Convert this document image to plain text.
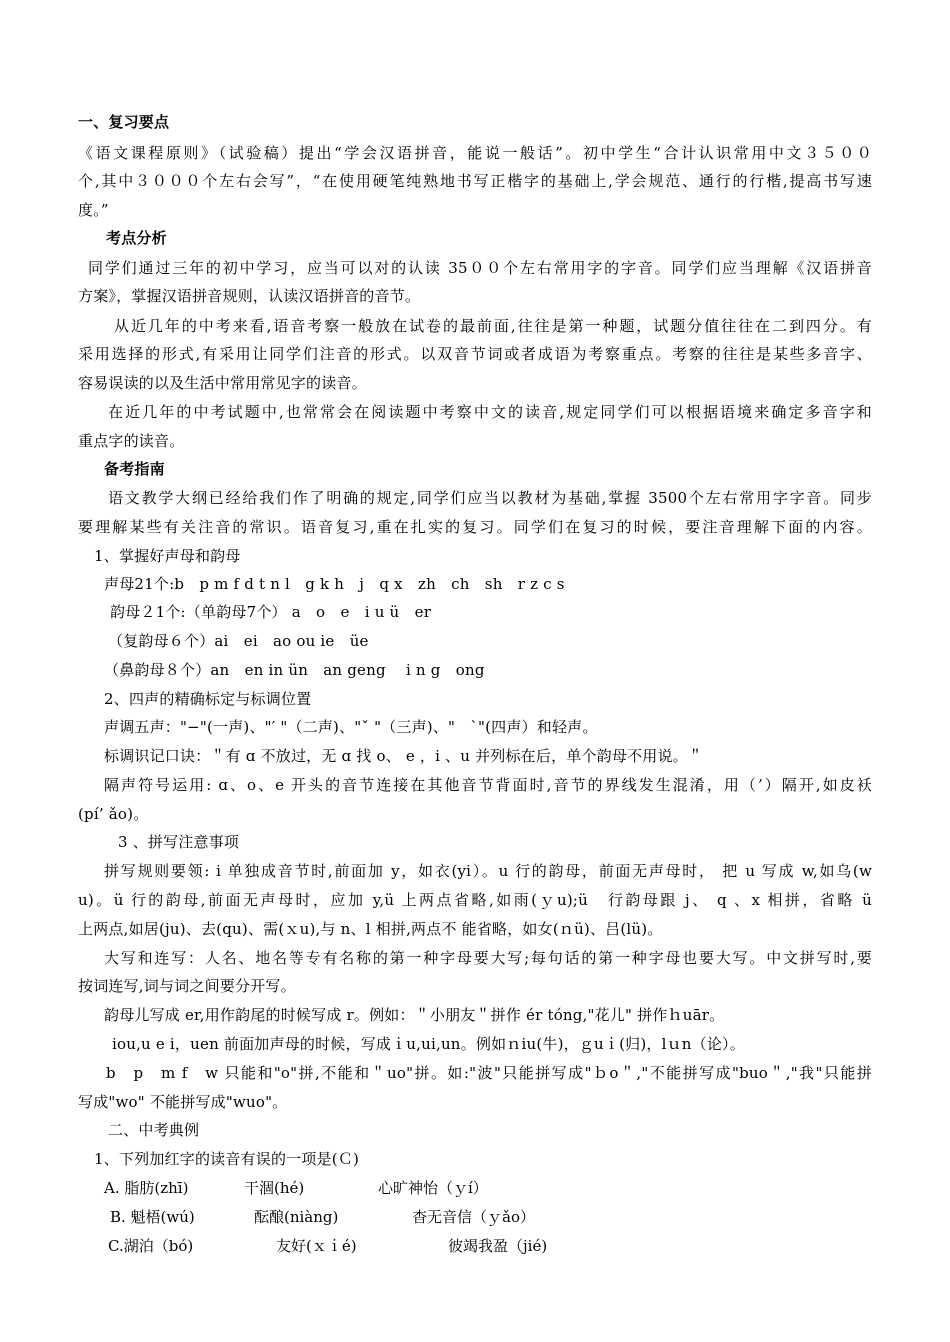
一、复习要点
《语文课程原则》（试验稿）提出“学会汉语拼音，能说一般话”。初中学生“合计认识常用中文３５００
个,其中３０００个左右会写”，“在使用硬笔纯熟地书写正楷字的基础上,学会规范、通行的行楷,提高书写速
度。”
考点分析
同学们通过三年的初中学习，应当可以对的认读 35００个左右常用字的字音。同学们应当理解《汉语拼音
方案》，掌握汉语拼音规则，认读汉语拼音的音节。
从近几年的中考来看,语音考察一般放在试卷的最前面,往往是第一种题，试题分值往往在二到四分。有
采用选择的形式,有采用让同学们注音的形式。以双音节词或者成语为考察重点。考察的往往是某些多音字、
容易误读的以及生活中常用常见字的读音。
在近几年的中考试题中,也常常会在阅读题中考察中文的读音,规定同学们可以根据语境来确定多音字和
重点字的读音。
备考指南
语文教学大纲已经给我们作了明确的规定,同学们应当以教材为基础,掌握 3500个左右常用字字音。同步
要理解某些有关注音的常识。语音复习,重在扎实的复习。同学们在复习的时候，要注音理解下面的内容。
1、掌握好声母和韵母
声母21个:b　p m f d t n l　g k h　j　q x　zh　ch　sh　r z c s
韵母２1个:（单韵母7个） a　o　e　i u ü　er
（复韵母６个）ai　ei　ao ou ie　üe
（鼻韵母８个）an　en in ün　an geng　 i n g　ong
2、四声的精确标定与标调位置
声调五声："−"(一声)、"′ "（二声)、"ˇ "（三声)、"　ˋ"(四声）和轻声。
标调识记口诀：＂有 ɑ 不放过，无 ɑ 找 o、 e ，i 、u 并列标在后，单个韵母不用说。＂
隔声符号运用: ɑ、o、e 开头的音节连接在其他音节背面时,音节的界线发生混淆，用（’）隔开,如皮袄
(pí’ ǎo)。
3 、拼写注意事项
拼写规则要领: i 单独成音节时,前面加 y，如衣(yi）。u 行的韵母，前面无声母时， 把 u 写成 w,如乌(w
u)。ü 行的韵母,前面无声母时，应加 y,ü 上两点省略,如雨(ｙu);ü　行韵母跟 j、 q 、x 相拼，省略 ü
上两点,如居(ju)、去(qu)、需(ｘu),与 n、l 相拼,两点不 能省略，如女(ｎü)、吕(lü)。
大写和连写：人名、地名等专有名称的第一种字母要大写;每句话的第一种字母也要大写。中文拼写时,要
按词连写,词与词之间要分开写。
韵母儿写成 er,用作韵尾的时候写成 r。例如：＂小朋友＂拼作 ér tóng,"花儿" 拼作ｈuār。
iou,u e i，uen 前面加声母的时候，写成ｉu,ui,un。例如ｎiu(牛)，ｇuｉ(归)，lｕn（论）。
b　p　m f　w 只能和"o"拼,不能和＂uo"拼。如:"波"只能拼写成"ｂo＂,"不能拼写成"buo＂,"我"只能拼
写成"wo" 不能拼写成"wuo"。
二、中考典例
1、下列加红字的读音有误的一项是(Ｃ)
A. 脂肪(zhī)	干涸(hé)	心旷神怡（ｙí）
B. 魁梧(wú)	酝酿(niàng)	杳无音信（ｙǎo）
C.湖泊（bó)	友好(ｘｉé)	彼竭我盈（jié)
